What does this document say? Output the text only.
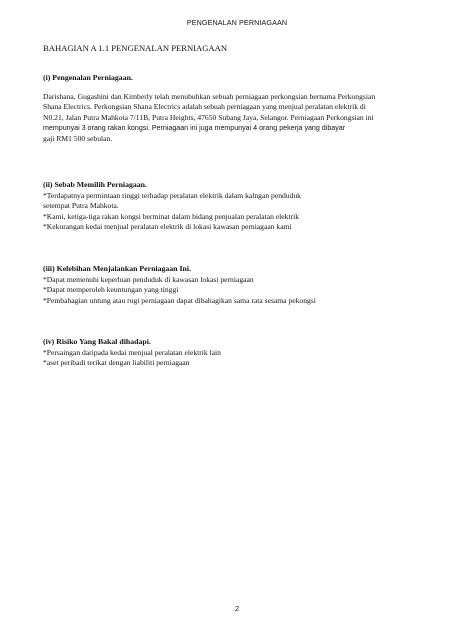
PENGENALAN PERNIAGAAN
BAHAGIAN A 1.1 PENGENALAN PERNIAGAAN
(i) Pengenalan Perniagaan.
Darishana, Gugashini dan Kimberly telah menubuhkan sebuah perniagaan perkongsian bernama Perkongsian
Shana Electrics. Perkongsian Shana Electrics adalah sebuah perniagaan yang menjual peralatan elektrik di
N0.21, Jalan Putra Mahkota 7/11B, Putra Heights, 47650 Subang Jaya, Selangor. Perniagaan Perkongsian ini
mempunyai 3 orang rakan kongsi. Perniagaan ini juga mempunyai 4 orang pekerja yang dibayar
gaji RM1 500 sebulan.
(ii) Sebab Memilih Perniagaan.
*Terdapatnya permintaan tinggi terhadap peralatan elektrik dalam kalngan penduduk
setempat Putra Mahkota.
*Kami, ketiga-tiga rakan kongsi berminat dalam bidang penjualan peralatan elektrik
*Kekurangan kedai menjual peralatan elektrik di lokasi kawasan perniagaan kami
(iii) Kelebihan Menjalankan Perniagaan Ini.
*Dapat memenuhi keperluan penduduk di kawasan lokasi perniagaan
*Dapat memperoleh keuntungan yang tinggi
*Pembahagian untung atau rugi perniagaan dapat dibahagikan sama rata sesama pekongsi
(iv) Risiko Yang Bakal dihadapi.
*Persaingan daripada kedai menjual peralatan elektrik lain
*aset peribadi terikat dengan liabiliti perniagaan
2
